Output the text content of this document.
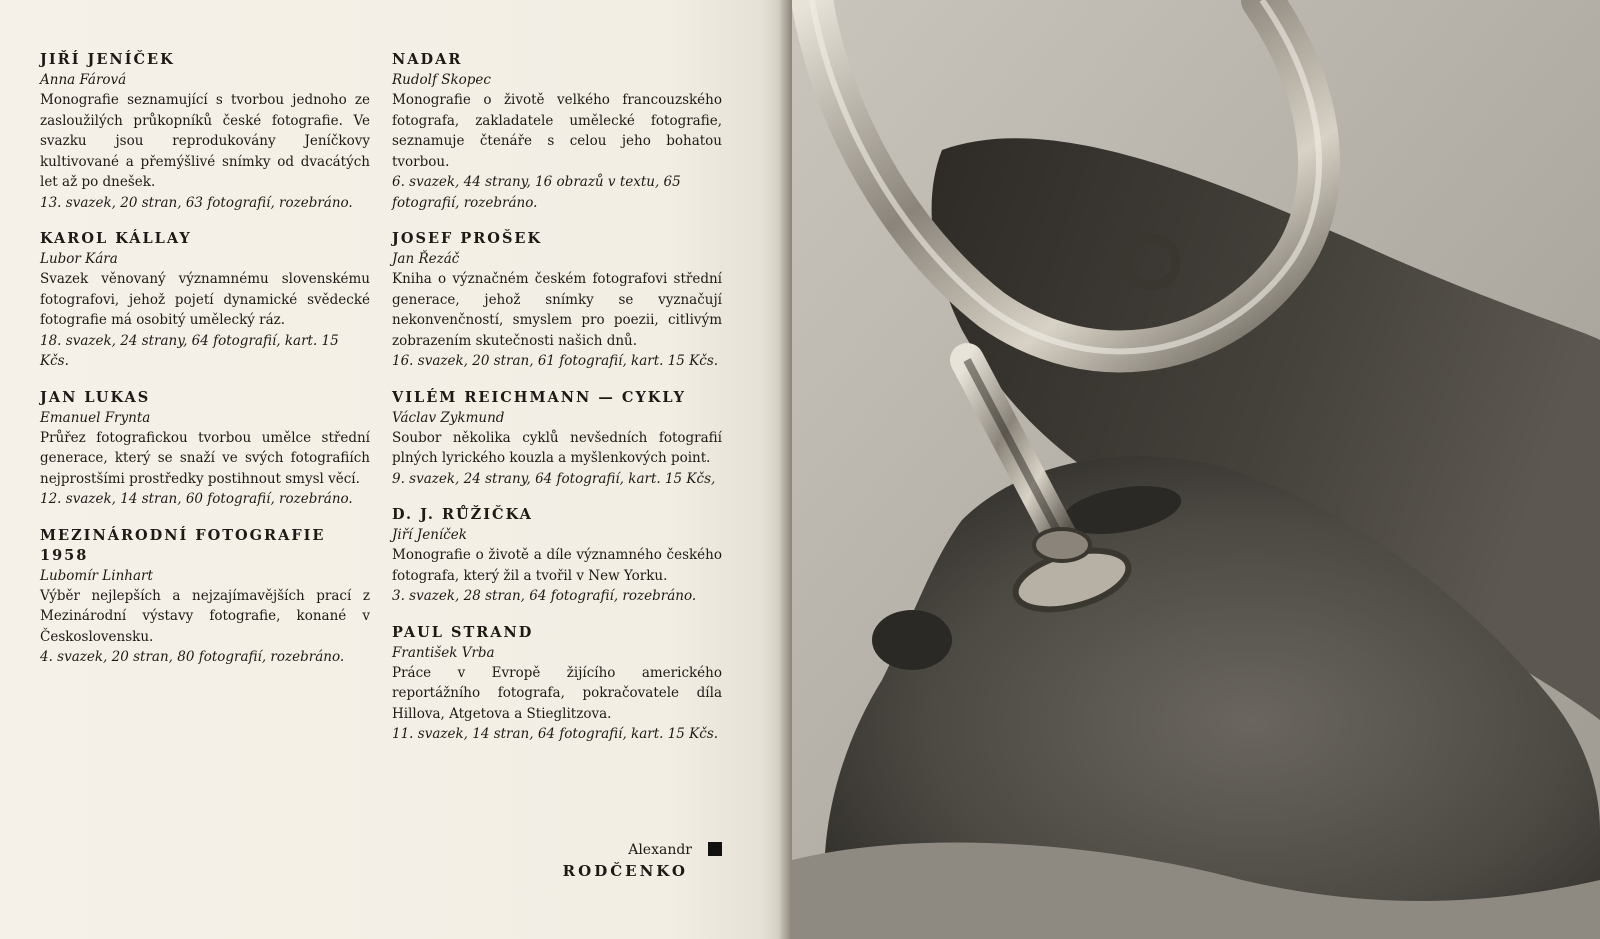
JIŘÍ JENÍČEK

Anna Fárová

Monografie seznamující s tvorbou jednoho ze zasloužilých průkopníků české fotografie. Ve svazku jsou reprodukovány Jeníčkovy kultivované a přemýšlivé snímky od dvacátých let až po dnešek.

13. svazek, 20 stran, 63 fotografií, rozebráno.

KAROL KÁLLAY

Lubor Kára

Svazek věnovaný významnému slovenskému fotografovi, jehož pojetí dynamické svědecké fotografie má osobitý umělecký ráz.

18. svazek, 24 strany, 64 fotografií, kart. 15 Kčs.

JAN LUKAS

Emanuel Frynta

Průřez fotografickou tvorbou umělce střední generace, který se snaží ve svých fotografiích nejprostšími prostředky postihnout smysl věcí.

12. svazek, 14 stran, 60 fotografií, rozebráno.

MEZINÁRODNÍ FOTOGRAFIE 1958

Lubomír Linhart

Výběr nejlepších a nejzajímavějších prací z Mezinárodní výstavy fotografie, konané v Československu.

4. svazek, 20 stran, 80 fotografií, rozebráno.

NADAR

Rudolf Skopec

Monografie o životě velkého francouzského fotografa, zakladatele umělecké fotografie, seznamuje čtenáře s celou jeho bohatou tvorbou.

6. svazek, 44 strany, 16 obrazů v textu, 65 fotografií, rozebráno.

JOSEF PROŠEK

Jan Řezáč

Kniha o význačném českém fotografovi střední generace, jehož snímky se vyznačují nekonvenčností, smyslem pro poezii, citlivým zobrazením skutečnosti našich dnů.

16. svazek, 20 stran, 61 fotografií, kart. 15 Kčs.

VILÉM REICHMANN — CYKLY

Václav Zykmund

Soubor několika cyklů nevšedních fotografií plných lyrického kouzla a myšlenkových point.

9. svazek, 24 strany, 64 fotografií, kart. 15 Kčs,

D. J. RŮŽIČKA

Jiří Jeníček

Monografie o životě a díle významného českého fotografa, který žil a tvořil v New Yorku.

3. svazek, 28 stran, 64 fotografií, rozebráno.

PAUL STRAND

František Vrba

Práce v Evropě žijícího amerického reportážního fotografa, pokračovatele díla Hillova, Atgetova a Stieglitzova.

11. svazek, 14 stran, 64 fotografií, kart. 15 Kčs.

Alexandr
RODČENKO
